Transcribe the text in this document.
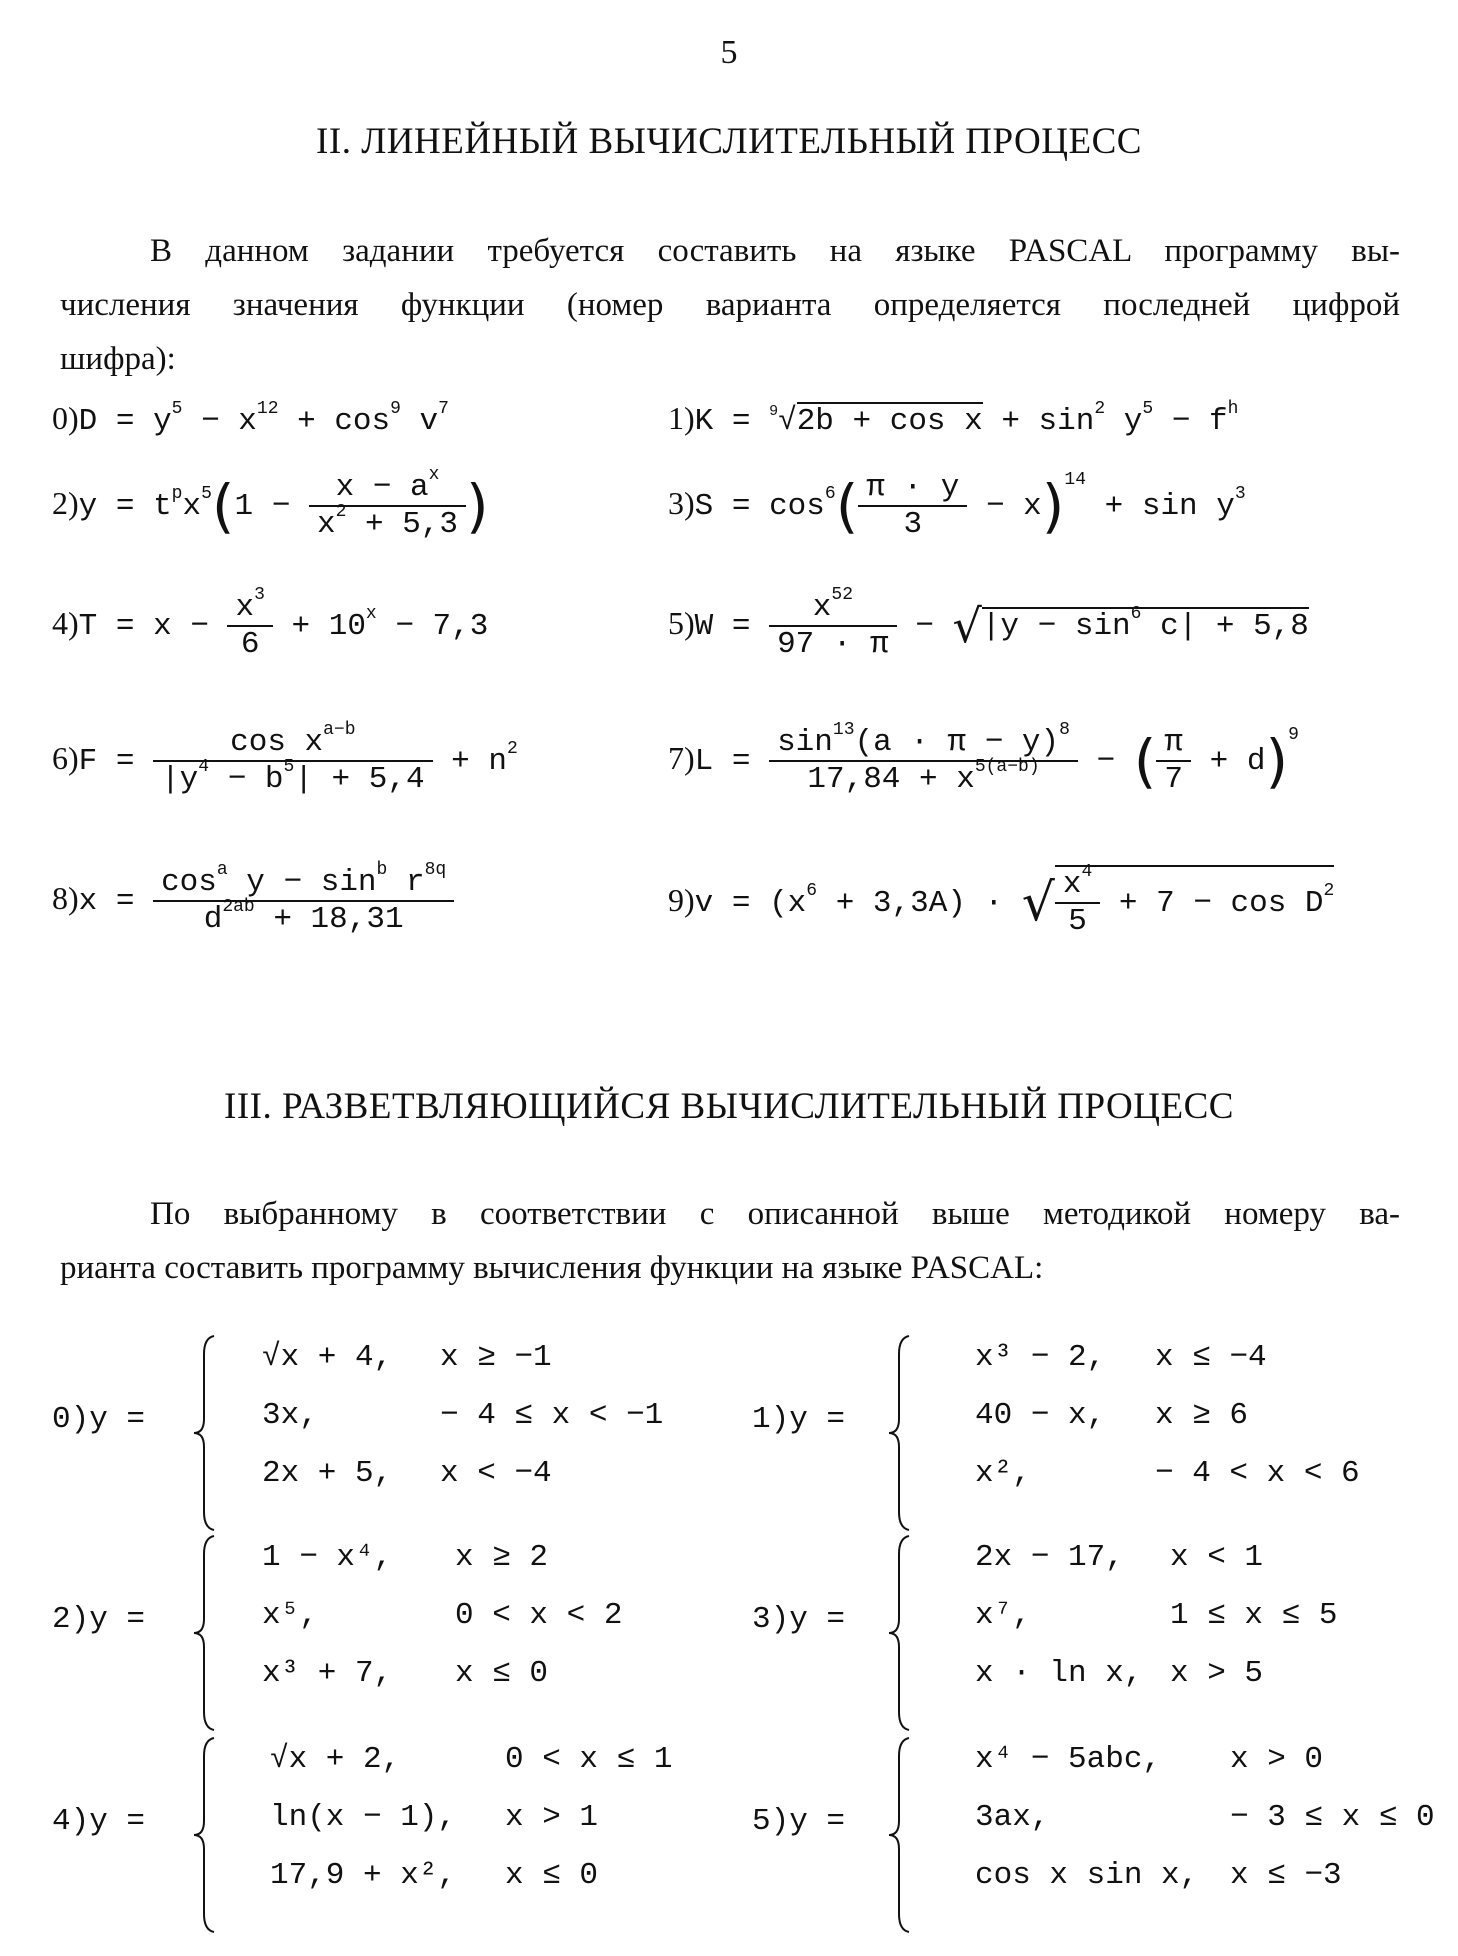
5
II. ЛИНЕЙНЫЙ ВЫЧИСЛИТЕЛЬНЫЙ ПРОЦЕСС
В данном задании требуется составить на языке PASCAL программу вы-
числения значения функции (номер варианта определяется последней цифрой
шифра):
$0)D = y^5 - x^{12} + \cos^9 v^7$	$1)K = ^9√2b + \cos x + \sin^2 y^5 - f^h$
$2)y = t^px^5(1 - \frac{x - a^x}{x^2 + 5,3}$ )	$3)S = \cos^6( \frac{\pi \cdot y}{3} - x)^{14} + \sin y^3$
$4)T = x - \frac{x^3}{6} + 10^x - 7,3$	$5)W = \frac{x^{52}}{97 \cdot \pi} - √|y - \sin^6 c| + 5,8$
$6)F = \frac{\cos x^{a-b}}{|y^4 - b^5| + 5,4} + n^2$	$7)L = \frac{\sin^{13}(a \cdot \pi - y)^8}{17,84 + x^{5(a-b)}}$ − ( $\frac{\pi}{7} + d)^9$
$8)x = \frac{\cos^a y - \sin^b r^{8q}}{d^{2ab} + 18,31}$	$9)v = (x^6 + 3,3A)$ · √ $\frac{x^4}{5} + 7 - \cos D^2$
III. РАЗВЕТВЛЯЮЩИЙСЯ ВЫЧИСЛИТЕЛЬНЫЙ ПРОЦЕСС
По выбранному в соответствии с описанной выше методикой номеру ва-
рианта составить программу вычисления функции на языке PASCAL:
0)y =
√x + 4, x ≥ −1
3x,	− 4 ≤ x < −1
2x + 5, x < −4
1)y =
x³ − 2, x ≤ −4
40 − x, x ≥ 6
x²,	− 4 < x < 6
2)y =
1 − x⁴, x ≥ 2
x⁵,	0 < x < 2
x³ + 7, x ≤ 0
3)y =
2x − 17, x < 1
x⁷,	1 ≤ x ≤ 5
x · ln x, x > 5
4)y =
√x + 2,	0 < x ≤ 1
ln(x − 1), x > 1
17,9 + x², x ≤ 0
5)y =
x⁴ − 5abc, x > 0
3ax,	− 3 ≤ x ≤ 0
cos x sin x, x ≤ −3
